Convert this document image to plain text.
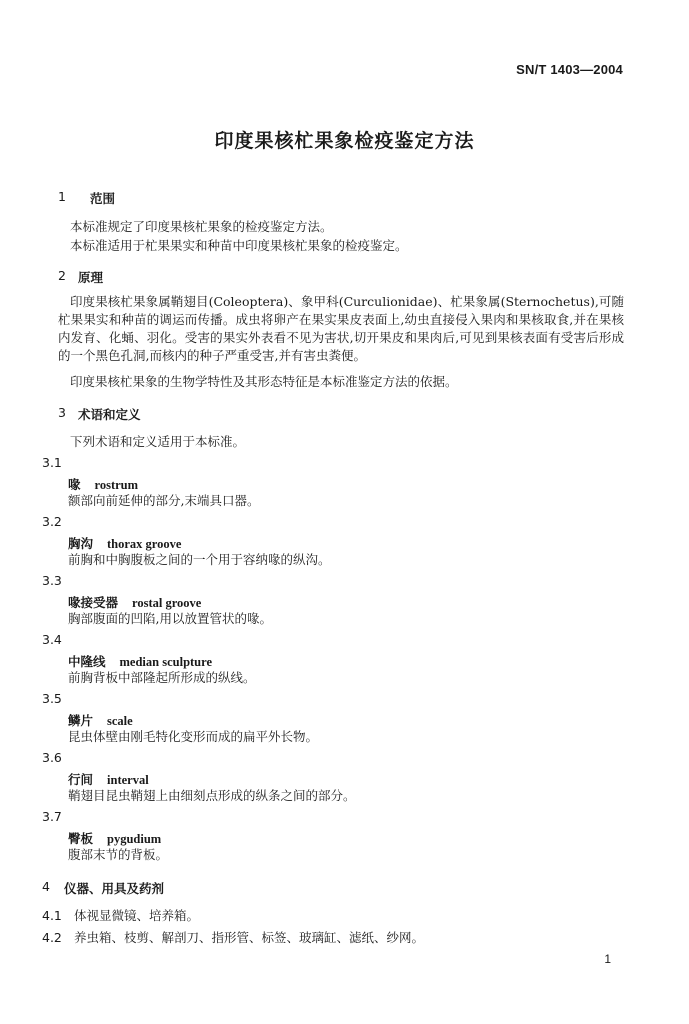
SN/T 1403—2004
印度果核杧果象检疫鉴定方法
1 范围
本标准规定了印度果核杧果象的检疫鉴定方法。
本标准适用于杧果果实和种苗中印度果核杧果象的检疫鉴定。
2 原理
印度果核杧果象属鞘翅目(Coleoptera)、象甲科(Curculionidae)、杧果象属(Sternochetus),可随杧果果实和种苗的调运而传播。成虫将卵产在果实果皮表面上,幼虫直接侵入果肉和果核取食,并在果核内发育、化蛹、羽化。受害的果实外表看不见为害状,切开果皮和果肉后,可见到果核表面有受害后形成的一个黑色孔洞,而核内的种子严重受害,并有害虫粪便。
印度果核杧果象的生物学特性及其形态特征是本标准鉴定方法的依据。
3 术语和定义
下列术语和定义适用于本标准。
3.1
喙 rostrum
额部向前延伸的部分,末端具口器。
3.2
胸沟 thorax groove
前胸和中胸腹板之间的一个用于容纳喙的纵沟。
3.3
喙接受器 rostal groove
胸部腹面的凹陷,用以放置管状的喙。
3.4
中隆线 median sculpture
前胸背板中部隆起所形成的纵线。
3.5
鳞片 scale
昆虫体壁由刚毛特化变形而成的扁平外长物。
3.6
行间 interval
鞘翅目昆虫鞘翅上由细刻点形成的纵条之间的部分。
3.7
臀板 pygudium
腹部末节的背板。
4 仪器、用具及药剂
4.1 体视显微镜、培养箱。
4.2 养虫箱、枝剪、解剖刀、指形管、标签、玻璃缸、滤纸、纱网。
1
